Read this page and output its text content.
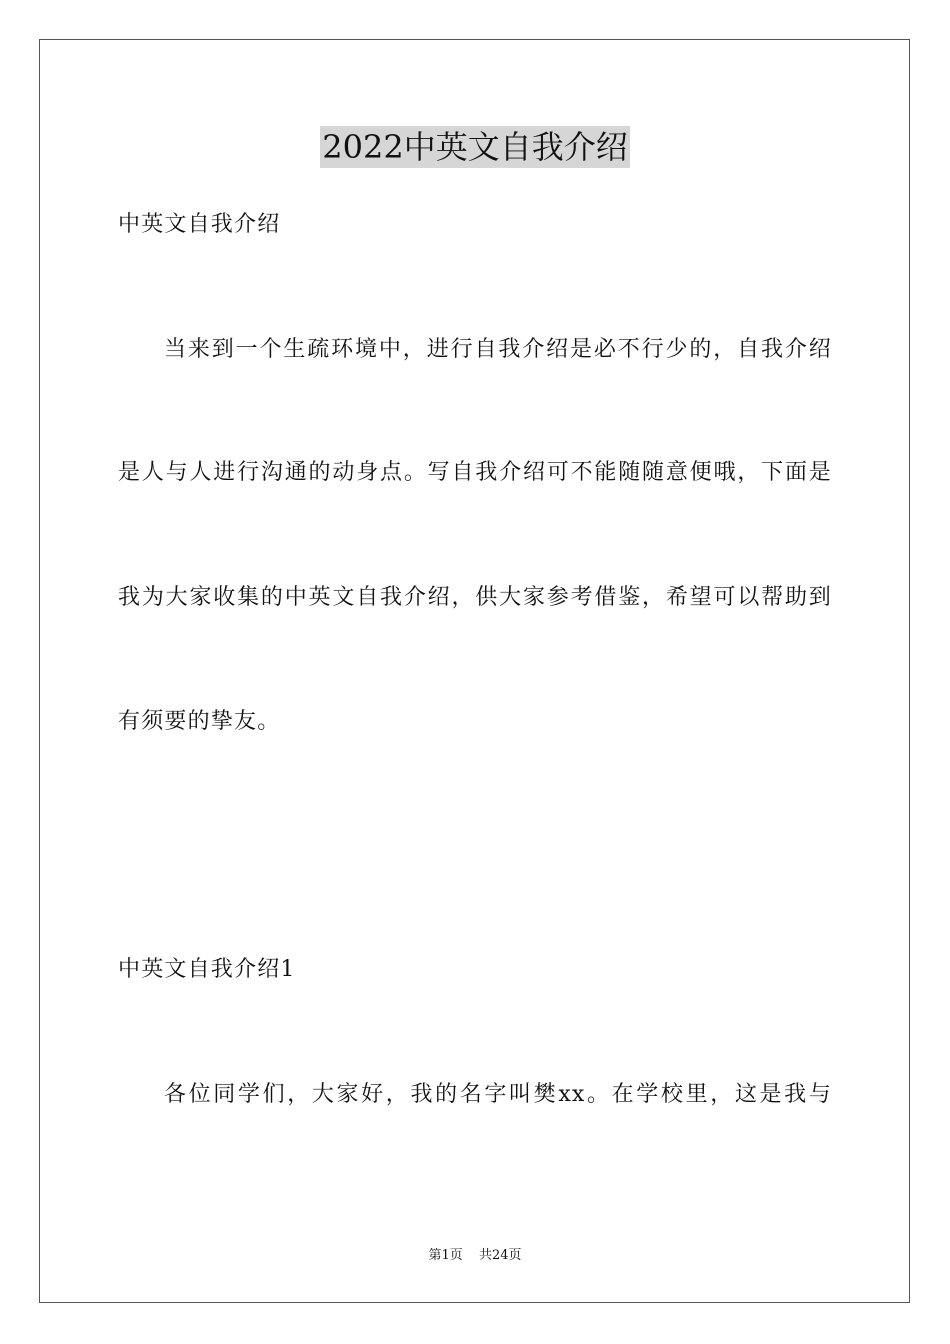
2022中英文自我介绍
中英文自我介绍
当来到一个生疏环境中，进行自我介绍是必不行少的，自我介绍
是人与人进行沟通的动身点。写自我介绍可不能随随意便哦，下面是
我为大家收集的中英文自我介绍，供大家参考借鉴，希望可以帮助到
有须要的挚友。
中英文自我介绍1
各位同学们，大家好，我的名字叫樊xx。在学校里，这是我与
第1页 共24页
